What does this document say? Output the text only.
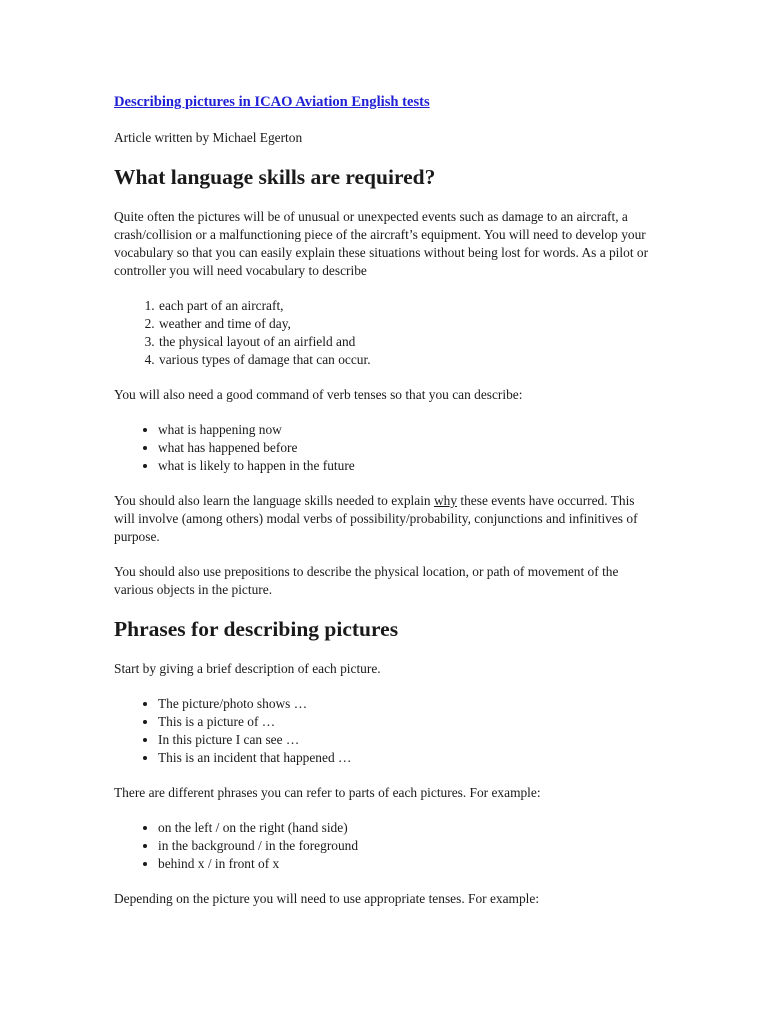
Describing pictures in ICAO Aviation English tests

Article written by Michael Egerton

What language skills are required?

Quite often the pictures will be of unusual or unexpected events such as damage to an aircraft, a crash/collision or a malfunctioning piece of the aircraft’s equipment. You will need to develop your vocabulary so that you can easily explain these situations without being lost for words. As a pilot or controller you will need vocabulary to describe

1. each part of an aircraft,
2. weather and time of day,
3. the physical layout of an airfield and
4. various types of damage that can occur.

You will also need a good command of verb tenses so that you can describe:

• what is happening now
• what has happened before
• what is likely to happen in the future

You should also learn the language skills needed to explain why these events have occurred. This will involve (among others) modal verbs of possibility/probability, conjunctions and infinitives of purpose.

You should also use prepositions to describe the physical location, or path of movement of the various objects in the picture.

Phrases for describing pictures

Start by giving a brief description of each picture.

• The picture/photo shows …
• This is a picture of …
• In this picture I can see …
• This is an incident that happened …

There are different phrases you can refer to parts of each pictures. For example:

• on the left / on the right (hand side)
• in the background / in the foreground
• behind x / in front of x

Depending on the picture you will need to use appropriate tenses. For example:
